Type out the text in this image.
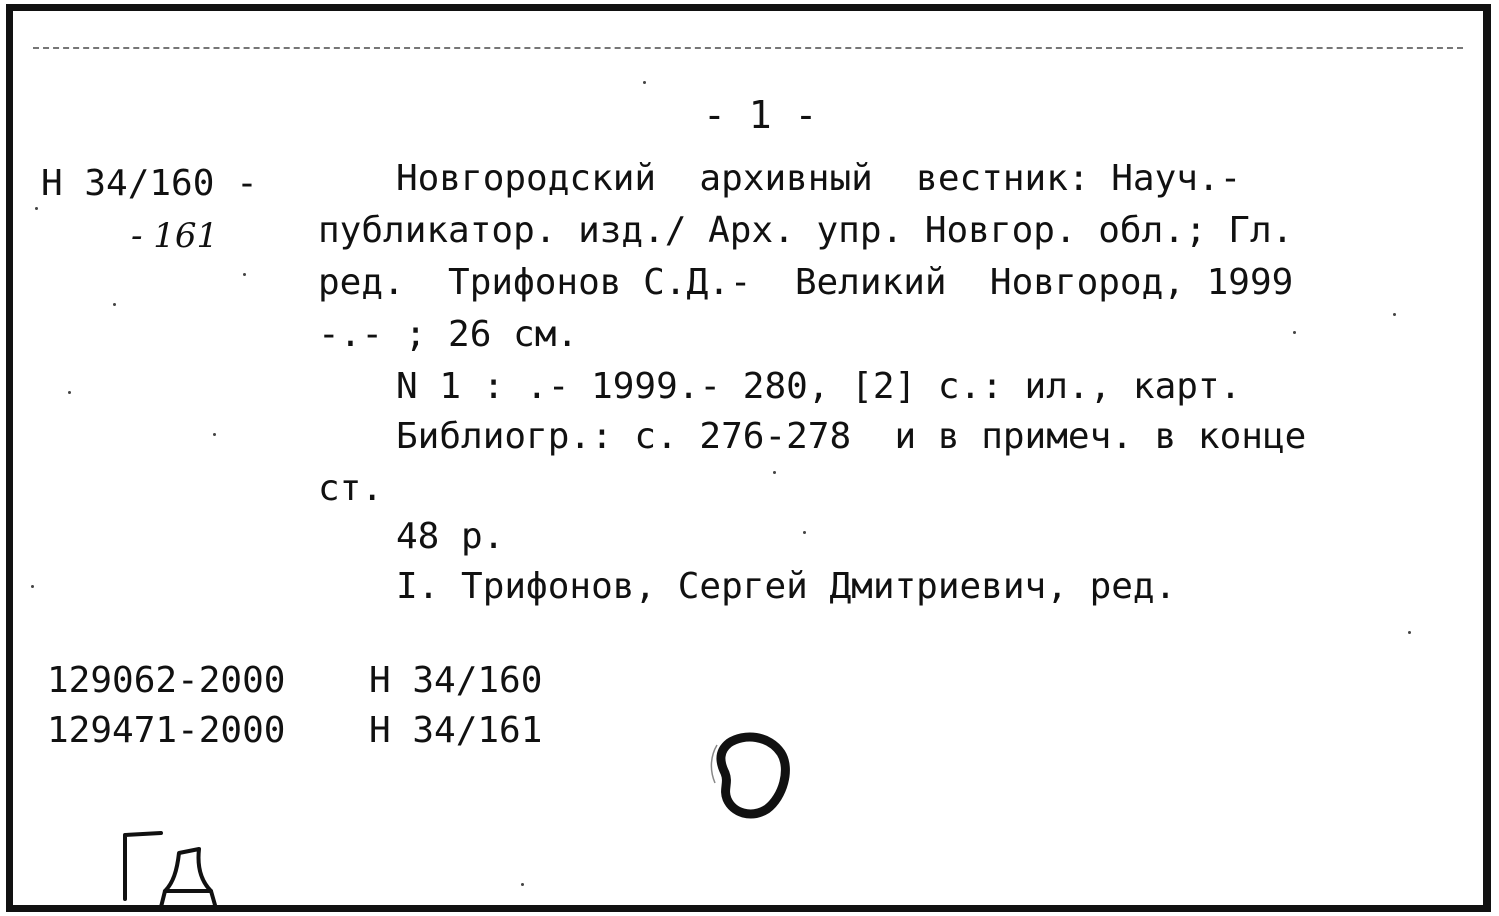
- 1 -
Н 34/160 -
- 161
Новгородский  архивный  вестник: Науч.-
публикатор. изд./ Арх. упр. Новгор. обл.; Гл.
ред.  Трифонов С.Д.-  Великий  Новгород, 1999
-.- ; 26 см.
N 1 : .- 1999.- 280, [2] с.: ил., карт.
Библиогр.: с. 276-278  и в примеч. в конце
ст.
48 р.
I. Трифонов, Сергей Дмитриевич, ред.
129062-2000 Н 34/160
129471-2000 Н 34/161
